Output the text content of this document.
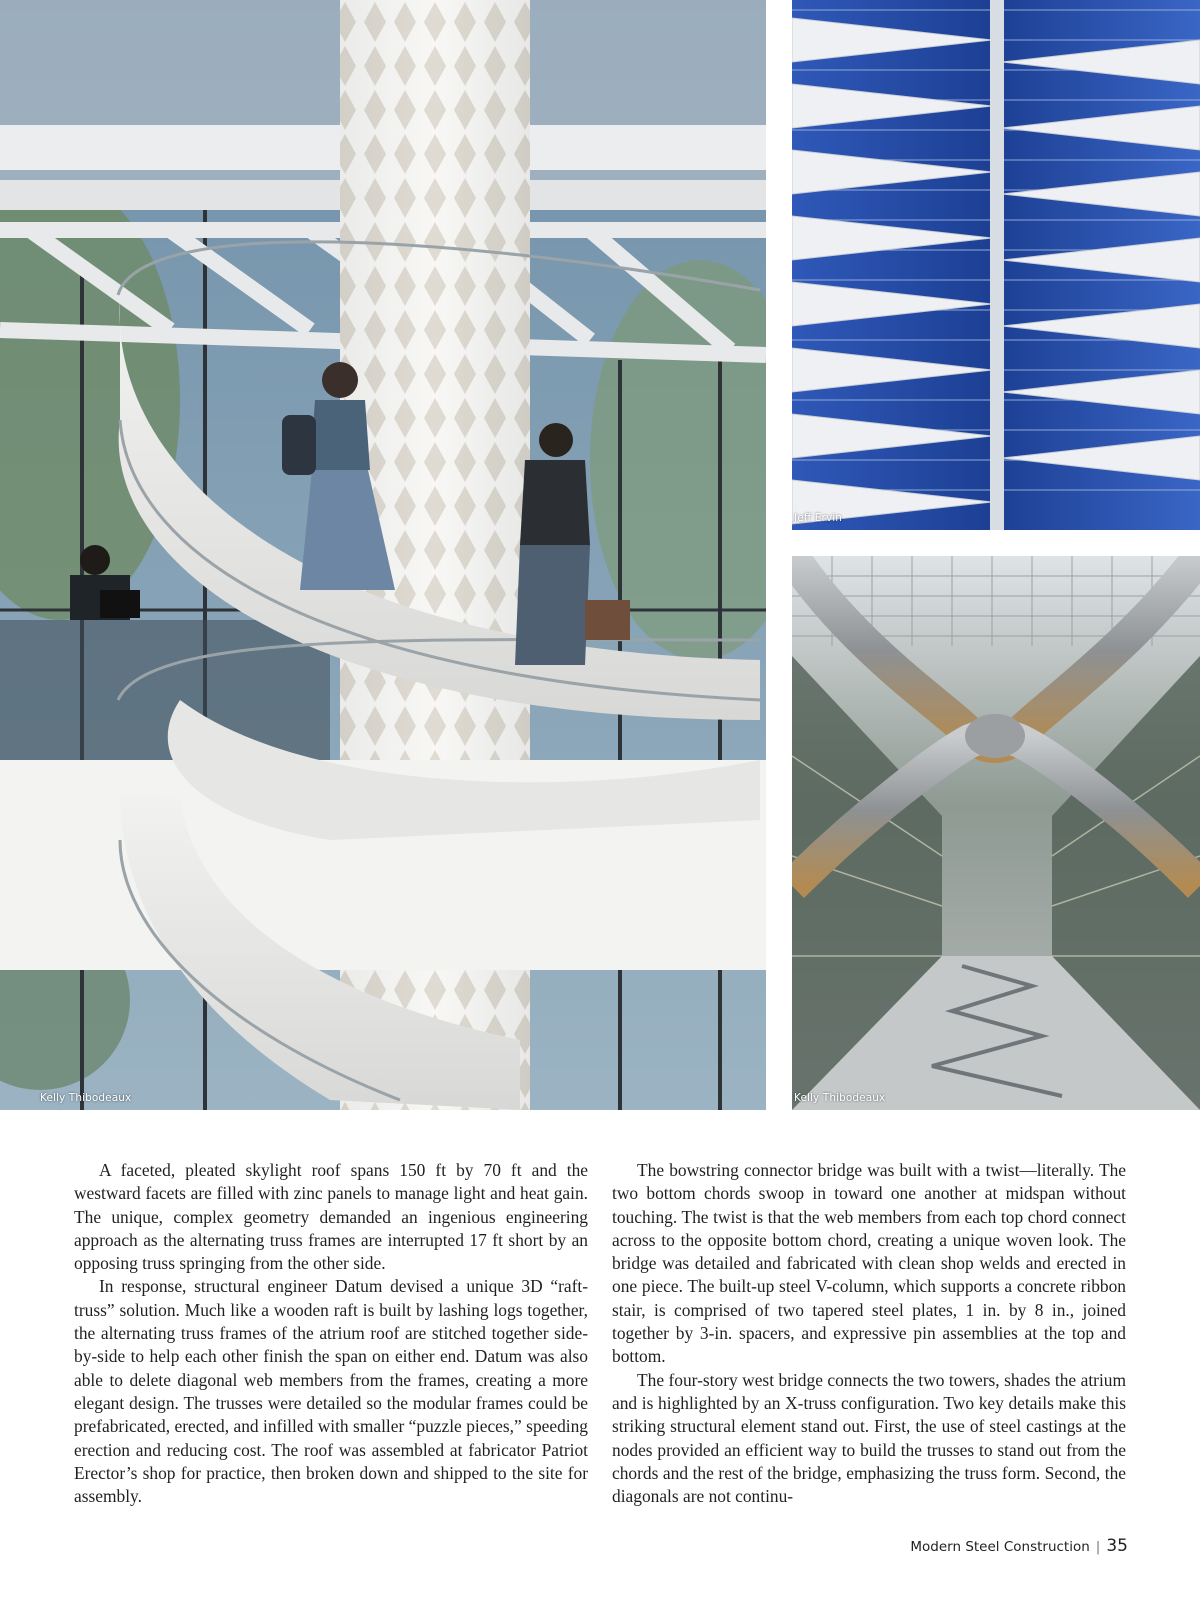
Kelly Thibodeaux
Jeff Ervin
Kelly Thibodeaux

A faceted, pleated skylight roof spans 150 ft by 70 ft and the westward facets are filled with zinc panels to manage light and heat gain. The unique, complex geometry demanded an ingenious engineering approach as the alternating truss frames are interrupted 17 ft short by an opposing truss springing from the other side.

In response, structural engineer Datum devised a unique 3D “raft-truss” solution. Much like a wooden raft is built by lashing logs together, the alternating truss frames of the atrium roof are stitched together side-by-side to help each other finish the span on either end. Datum was also able to delete diagonal web members from the frames, creating a more elegant design. The trusses were detailed so the modular frames could be prefabricated, erected, and infilled with smaller “puzzle pieces,” speeding erection and reducing cost. The roof was assembled at fabricator Patriot Erector’s shop for practice, then broken down and shipped to the site for assembly.

The bowstring connector bridge was built with a twist—literally. The two bottom chords swoop in toward one another at midspan without touching. The twist is that the web members from each top chord connect across to the opposite bottom chord, creating a unique woven look. The bridge was detailed and fabricated with clean shop welds and erected in one piece. The built-up steel V-column, which supports a concrete ribbon stair, is comprised of two tapered steel plates, 1 in. by 8 in., joined together by 3-in. spacers, and expressive pin assemblies at the top and bottom.

The four-story west bridge connects the two towers, shades the atrium and is highlighted by an X-truss configuration. Two key details make this striking structural element stand out. First, the use of steel castings at the nodes provided an efficient way to build the trusses to stand out from the chords and the rest of the bridge, emphasizing the truss form. Second, the diagonals are not continu-

Modern Steel Construction | 35
